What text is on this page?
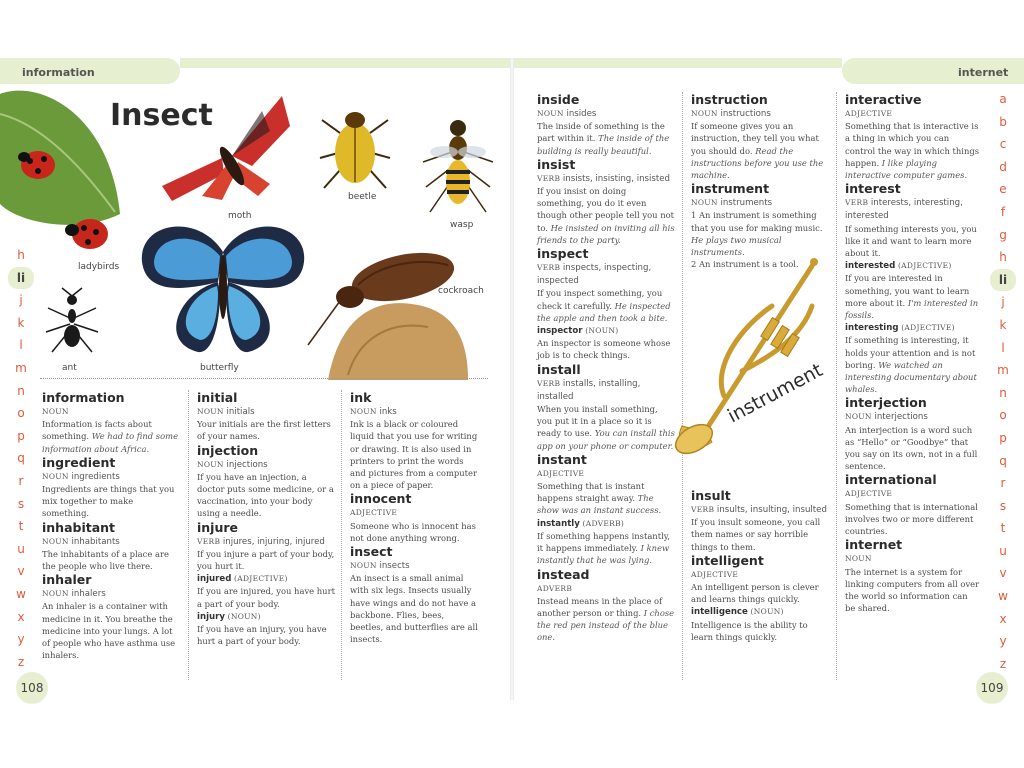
information	internet
h
li
j
k
l
m
n
o
p
q
r
s
t
u
v
w
x
y
z
a
b
c
d
e
f
g
h
li
j
k
l
m
n
o
p
q
r
s
t
u
v
w
x
y
z
108	109
Insect
ladybirds
moth
beetle
wasp
butterfly
cockroach
ant
information
NOUN
Information is facts about something. We had to find some information about Africa.
ingredient
NOUN ingredients
Ingredients are things that you mix together to make something.
inhabitant
NOUN inhabitants
The inhabitants of a place are the people who live there.
inhaler
NOUN inhalers
An inhaler is a container with medicine in it. You breathe the medicine into your lungs. A lot of people who have asthma use inhalers.
initial
NOUN initials
Your initials are the first letters of your names.
injection
NOUN injections
If you have an injection, a doctor puts some medicine, or a vaccination, into your body using a needle.
injure
VERB injures, injuring, injured
If you injure a part of your body, you hurt it.
injured (ADJECTIVE)
If you are injured, you have hurt a part of your body.
injury (NOUN)
If you have an injury, you have hurt a part of your body.
ink
NOUN inks
Ink is a black or coloured liquid that you use for writing or drawing. It is also used in printers to print the words and pictures from a computer on a piece of paper.
innocent
ADJECTIVE
Someone who is innocent has not done anything wrong.
insect
NOUN insects
An insect is a small animal with six legs. Insects usually have wings and do not have a backbone. Flies, bees, beetles, and butterflies are all insects.
inside
NOUN insides
The inside of something is the part within it. The inside of the building is really beautiful.
insist
VERB insists, insisting, insisted
If you insist on doing something, you do it even though other people tell you not to. He insisted on inviting all his friends to the party.
inspect
VERB inspects, inspecting, inspected
If you inspect something, you check it carefully. He inspected the apple and then took a bite.
inspector (NOUN)
An inspector is someone whose job is to check things.
install
VERB installs, installing, installed
When you install something, you put it in a place so it is ready to use. You can install this app on your phone or computer.
instant
ADJECTIVE
Something that is instant happens straight away. The show was an instant success.
instantly (ADVERB)
If something happens instantly, it happens immediately. I knew instantly that he was lying.
instead
ADVERB
Instead means in the place of another person or thing. I chose the red pen instead of the blue one.
instruction
NOUN instructions
If someone gives you an instruction, they tell you what you should do. Read the instructions before you use the machine.
instrument
NOUN instruments
1 An instrument is something that you use for making music. He plays two musical instruments.
2 An instrument is a tool.
insult
VERB insults, insulting, insulted
If you insult someone, you call them names or say horrible things to them.
intelligent
ADJECTIVE
An intelligent person is clever and learns things quickly.
intelligence (NOUN)
Intelligence is the ability to learn things quickly.
interactive
ADJECTIVE
Something that is interactive is a thing in which you can control the way in which things happen. I like playing interactive computer games.
interest
VERB interests, interesting, interested
If something interests you, you like it and want to learn more about it.
interested (ADJECTIVE)
If you are interested in something, you want to learn more about it. I'm interested in fossils.
interesting (ADJECTIVE)
If something is interesting, it holds your attention and is not boring. We watched an interesting documentary about whales.
interjection
NOUN interjections
An interjection is a word such as “Hello” or “Goodbye” that you say on its own, not in a full sentence.
international
ADJECTIVE
Something that is international involves two or more different countries.
internet
NOUN
The internet is a system for linking computers from all over the world so information can be shared.
instrument
